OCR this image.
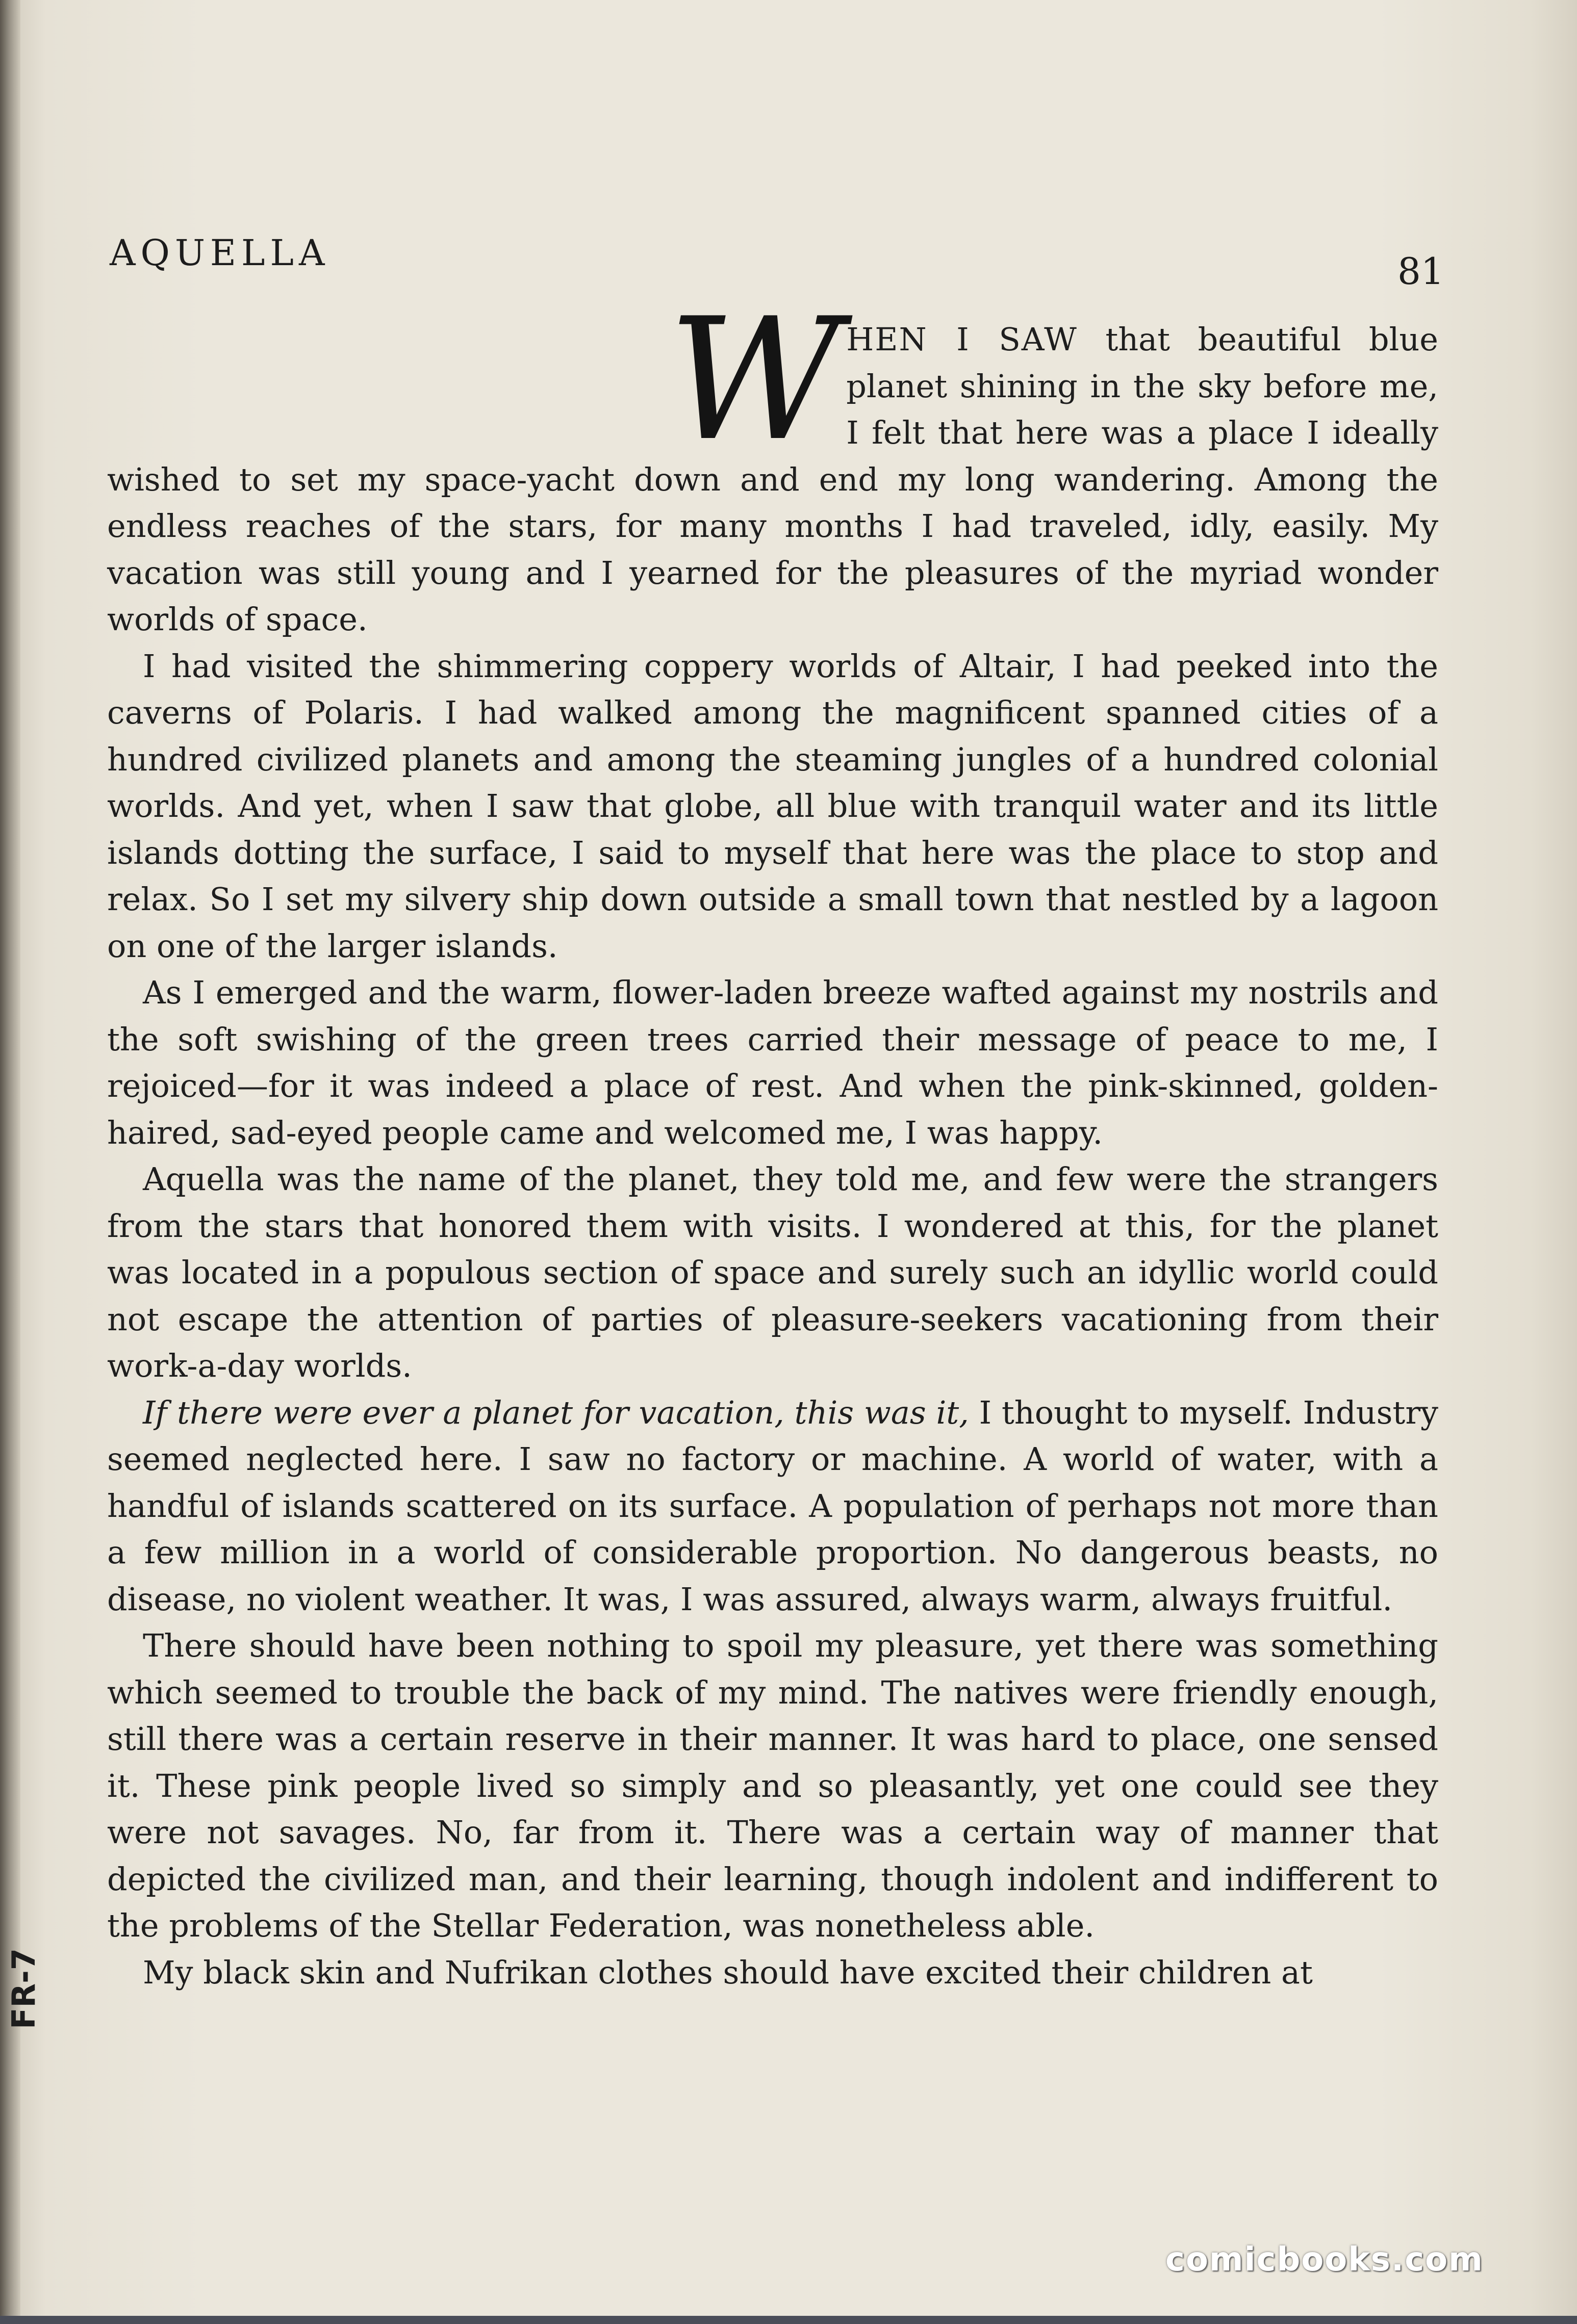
AQUELLA	81

WHEN I SAW that beautiful blue planet shining in the sky before me, I felt that here was a place I ideally wished to set my space-yacht down and end my long wandering. Among the endless reaches of the stars, for many months I had traveled, idly, easily. My vacation was still young and I yearned for the pleasures of the myriad wonder worlds of space.

I had visited the shimmering coppery worlds of Altair, I had peeked into the caverns of Polaris. I had walked among the magnificent spanned cities of a hundred civilized planets and among the steaming jungles of a hundred colonial worlds. And yet, when I saw that globe, all blue with tranquil water and its little islands dotting the surface, I said to myself that here was the place to stop and relax. So I set my silvery ship down outside a small town that nestled by a lagoon on one of the larger islands.

As I emerged and the warm, flower-laden breeze wafted against my nostrils and the soft swishing of the green trees carried their message of peace to me, I rejoiced—for it was indeed a place of rest. And when the pink-skinned, golden-haired, sad-eyed people came and welcomed me, I was happy.

Aquella was the name of the planet, they told me, and few were the strangers from the stars that honored them with visits. I wondered at this, for the planet was located in a populous section of space and surely such an idyllic world could not escape the attention of parties of pleasure-seekers vacationing from their work-a-day worlds.

If there were ever a planet for vacation, this was it, I thought to myself. Industry seemed neglected here. I saw no factory or machine. A world of water, with a handful of islands scattered on its surface. A population of perhaps not more than a few million in a world of considerable proportion. No dangerous beasts, no disease, no violent weather. It was, I was assured, always warm, always fruitful.

There should have been nothing to spoil my pleasure, yet there was something which seemed to trouble the back of my mind. The natives were friendly enough, still there was a certain reserve in their manner. It was hard to place, one sensed it. These pink people lived so simply and so pleasantly, yet one could see they were not savages. No, far from it. There was a certain way of manner that depicted the civilized man, and their learning, though indolent and indifferent to the problems of the Stellar Federation, was nonetheless able.

My black skin and Nufrikan clothes should have excited their children at

FR-7
comicbooks.com
